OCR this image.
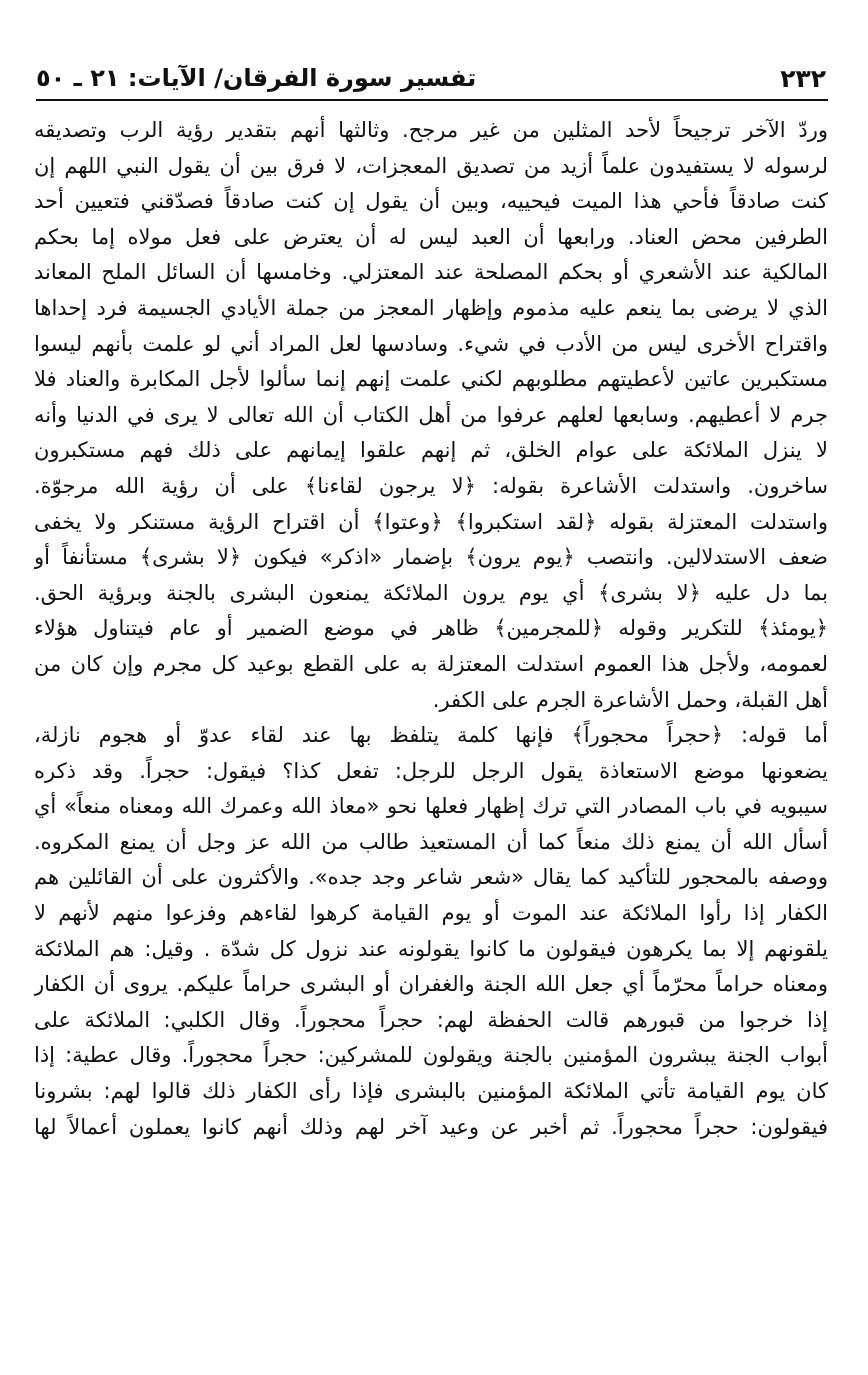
٢٣٢
تفسير سورة الفرقان/ الآيات: ٢١ ـ ٥٠
وردّ الآخر ترجيحاً لأحد المثلين من غير مرجح. وثالثها أنهم بتقدير رؤية الرب وتصديقه
لرسوله لا يستفيدون علماً أزيد من تصديق المعجزات، لا فرق بين أن يقول النبي اللهم إن
كنت صادقاً فأحي هذا الميت فيحييه، وبين أن يقول إن كنت صادقاً فصدّقني فتعيين أحد
الطرفين محض العناد. ورابعها أن العبد ليس له أن يعترض على فعل مولاه إما بحكم
المالكية عند الأشعري أو بحكم المصلحة عند المعتزلي. وخامسها أن السائل الملح المعاند
الذي لا يرضى بما ينعم عليه مذموم وإظهار المعجز من جملة الأيادي الجسيمة فرد إحداها
واقتراح الأخرى ليس من الأدب في شيء. وسادسها لعل المراد أني لو علمت بأنهم ليسوا
مستكبرين عاتين لأعطيتهم مطلوبهم لكني علمت إنهم إنما سألوا لأجل المكابرة والعناد فلا
جرم لا أعطيهم. وسابعها لعلهم عرفوا من أهل الكتاب أن الله تعالى لا يرى في الدنيا وأنه
لا ينزل الملائكة على عوام الخلق، ثم إنهم علقوا إيمانهم على ذلك فهم مستكبرون
ساخرون. واستدلت الأشاعرة بقوله: ﴿لا يرجون لقاءنا﴾ على أن رؤية الله مرجوّة.
واستدلت المعتزلة بقوله ﴿لقد استكبروا﴾ ﴿وعتوا﴾ أن اقتراح الرؤية مستنكر ولا يخفى
ضعف الاستدلالين. وانتصب ﴿يوم يرون﴾ بإضمار «اذكر» فيكون ﴿لا بشرى﴾ مستأنفاً أو
بما دل عليه ﴿لا بشرى﴾ أي يوم يرون الملائكة يمنعون البشرى بالجنة وبرؤية الحق.
﴿يومئذ﴾ للتكرير وقوله ﴿للمجرمين﴾ ظاهر في موضع الضمير أو عام فيتناول هؤلاء
لعمومه، ولأجل هذا العموم استدلت المعتزلة به على القطع بوعيد كل مجرم وإن كان من
أهل القبلة، وحمل الأشاعرة الجرم على الكفر.
أما قوله: ﴿حجراً محجوراً﴾ فإنها كلمة يتلفظ بها عند لقاء عدوّ أو هجوم نازلة،
يضعونها موضع الاستعاذة يقول الرجل للرجل: تفعل كذا؟ فيقول: حجراً. وقد ذكره
سيبويه في باب المصادر التي ترك إظهار فعلها نحو «معاذ الله وعمرك الله ومعناه منعاً» أي
أسأل الله أن يمنع ذلك منعاً كما أن المستعيذ طالب من الله عز وجل أن يمنع المكروه.
ووصفه بالمحجور للتأكيد كما يقال «شعر شاعر وجد جده». والأكثرون على أن القائلين هم
الكفار إذا رأوا الملائكة عند الموت أو يوم القيامة كرهوا لقاءهم وفزعوا منهم لأنهم لا
يلقونهم إلا بما يكرهون فيقولون ما كانوا يقولونه عند نزول كل شدّة . وقيل: هم الملائكة
ومعناه حراماً محرّماً أي جعل الله الجنة والغفران أو البشرى حراماً عليكم. يروى أن الكفار
إذا خرجوا من قبورهم قالت الحفظة لهم: حجراً محجوراً. وقال الكلبي: الملائكة على
أبواب الجنة يبشرون المؤمنين بالجنة ويقولون للمشركين: حجراً محجوراً. وقال عطية: إذا
كان يوم القيامة تأتي الملائكة المؤمنين بالبشرى فإذا رأى الكفار ذلك قالوا لهم: بشرونا
فيقولون: حجراً محجوراً. ثم أخبر عن وعيد آخر لهم وذلك أنهم كانوا يعملون أعمالاً لها
